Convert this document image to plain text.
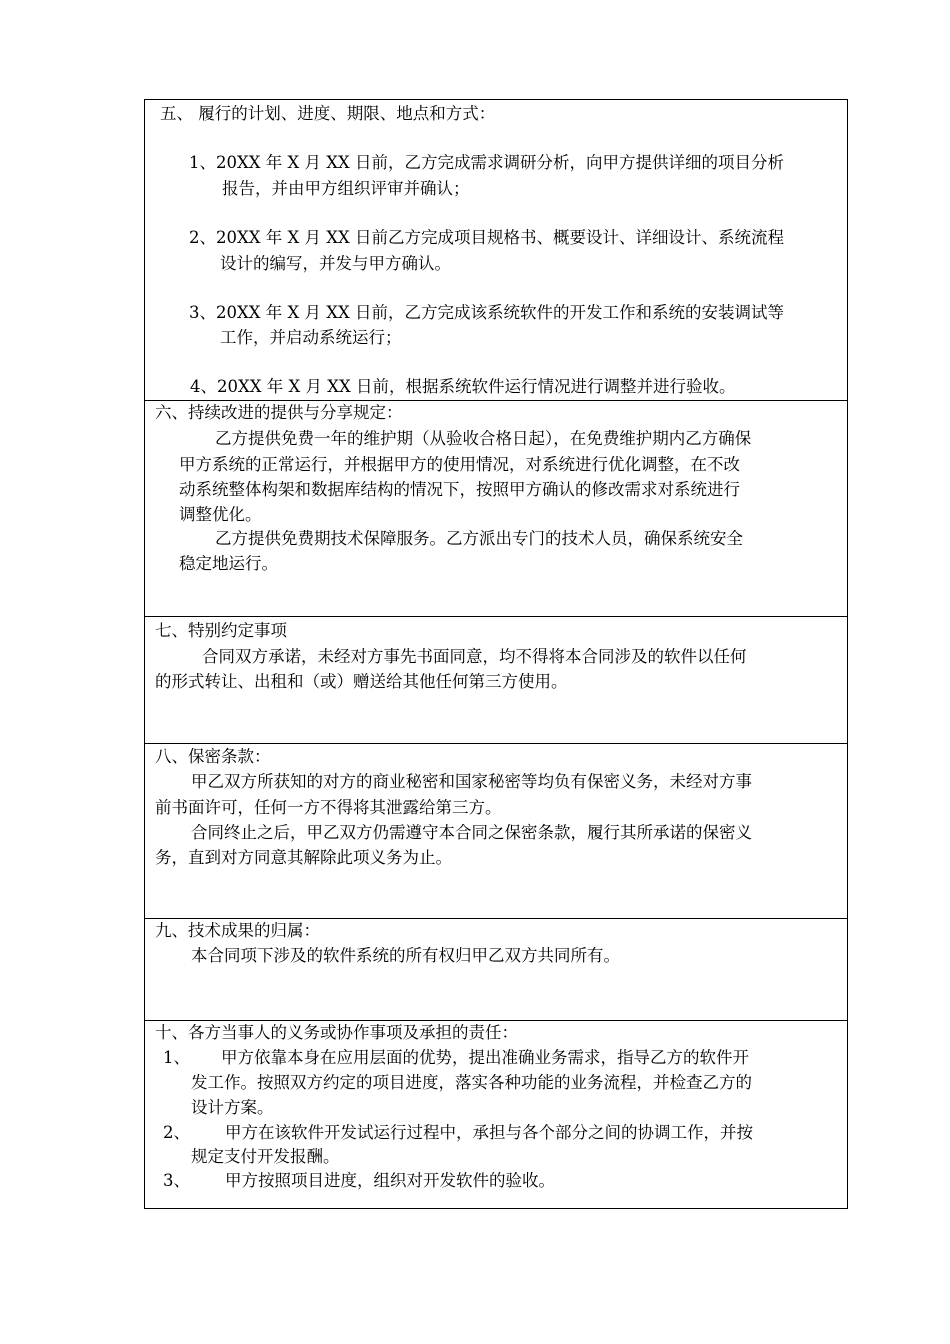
五、 履行的计划、进度、期限、地点和方式：
1、20XX 年 X 月 XX 日前，乙方完成需求调研分析，向甲方提供详细的项目分析
报告，并由甲方组织评审并确认；
2、20XX 年 X 月 XX 日前乙方完成项目规格书、概要设计、详细设计、系统流程
设计的编写，并发与甲方确认。
3、20XX 年 X 月 XX 日前，乙方完成该系统软件的开发工作和系统的安装调试等
工作，并启动系统运行；
4、20XX 年 X 月 XX 日前，根据系统软件运行情况进行调整并进行验收。
六、持续改进的提供与分享规定：
乙方提供免费一年的维护期（从验收合格日起），在免费维护期内乙方确保
甲方系统的正常运行，并根据甲方的使用情况，对系统进行优化调整，在不改
动系统整体构架和数据库结构的情况下，按照甲方确认的修改需求对系统进行
调整优化。
乙方提供免费期技术保障服务。乙方派出专门的技术人员，确保系统安全
稳定地运行。
七、特别约定事项
合同双方承诺，未经对方事先书面同意，均不得将本合同涉及的软件以任何
的形式转让、出租和（或）赠送给其他任何第三方使用。
八、保密条款：
甲乙双方所获知的对方的商业秘密和国家秘密等均负有保密义务，未经对方事
前书面许可，任何一方不得将其泄露给第三方。
合同终止之后，甲乙双方仍需遵守本合同之保密条款，履行其所承诺的保密义
务，直到对方同意其解除此项义务为止。
九、技术成果的归属：
本合同项下涉及的软件系统的所有权归甲乙双方共同所有。
十、各方当事人的义务或协作事项及承担的责任：
1、 甲方依靠本身在应用层面的优势，提出准确业务需求，指导乙方的软件开
发工作。按照双方约定的项目进度，落实各种功能的业务流程，并检查乙方的
设计方案。
2、 甲方在该软件开发试运行过程中，承担与各个部分之间的协调工作，并按
规定支付开发报酬。
3、 甲方按照项目进度，组织对开发软件的验收。
